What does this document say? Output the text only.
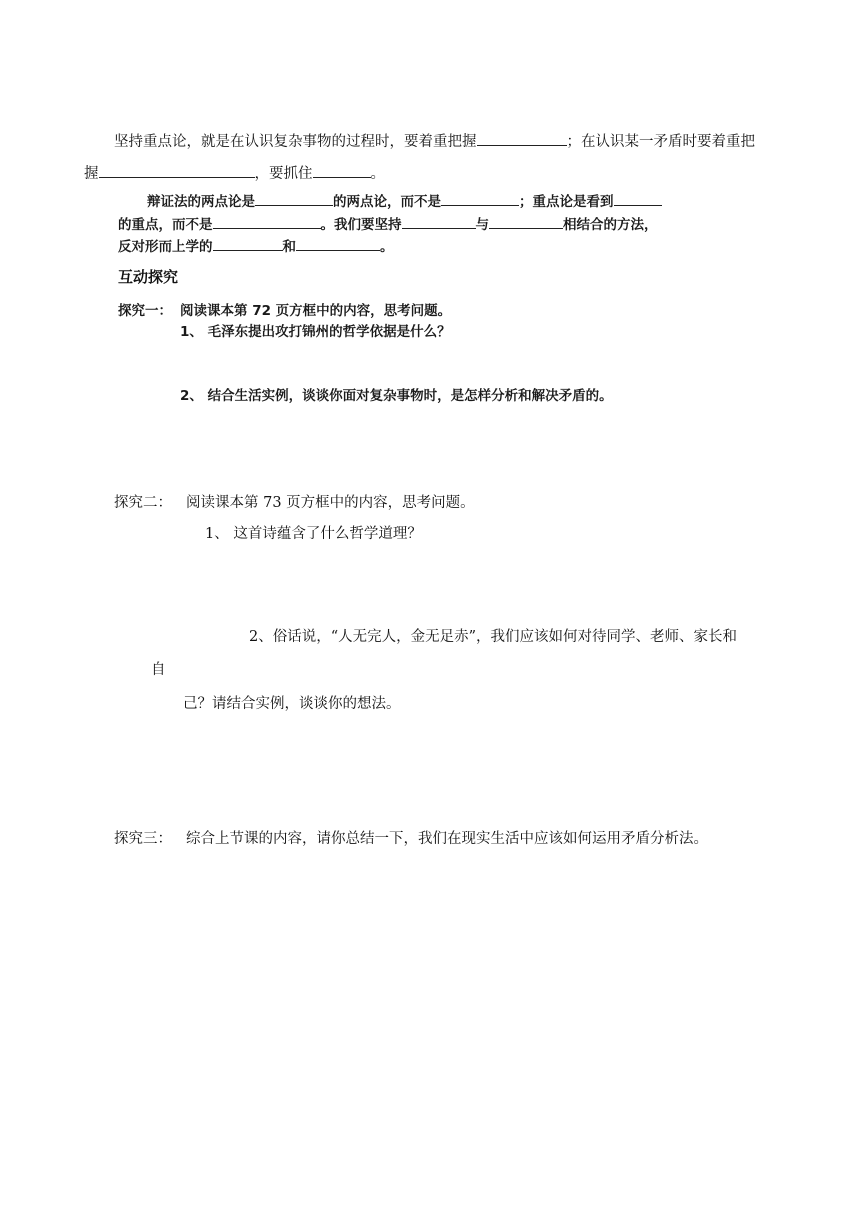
坚持重点论，就是在认识复杂事物的过程时，要着重把握	；在认识某一矛盾时要着重把
握	，要抓住	。
辩证法的两点论是	的两点论，而不是	；重点论是看到
的重点，而不是	。我们要坚持	与	相结合的方法，
反对形而上学的	和	。
互动探究
探究一： 阅读课本第 72 页方框中的内容，思考问题。
1、 毛泽东提出攻打锦州的哲学依据是什么？
2、 结合生活实例，谈谈你面对复杂事物时，是怎样分析和解决矛盾的。
探究二： 阅读课本第 73 页方框中的内容，思考问题。
1、 这首诗蕴含了什么哲学道理？
2、俗话说，“人无完人，金无足赤”，我们应该如何对待同学、老师、家长和
自
己？请结合实例，谈谈你的想法。
探究三： 综合上节课的内容，请你总结一下，我们在现实生活中应该如何运用矛盾分析法。
